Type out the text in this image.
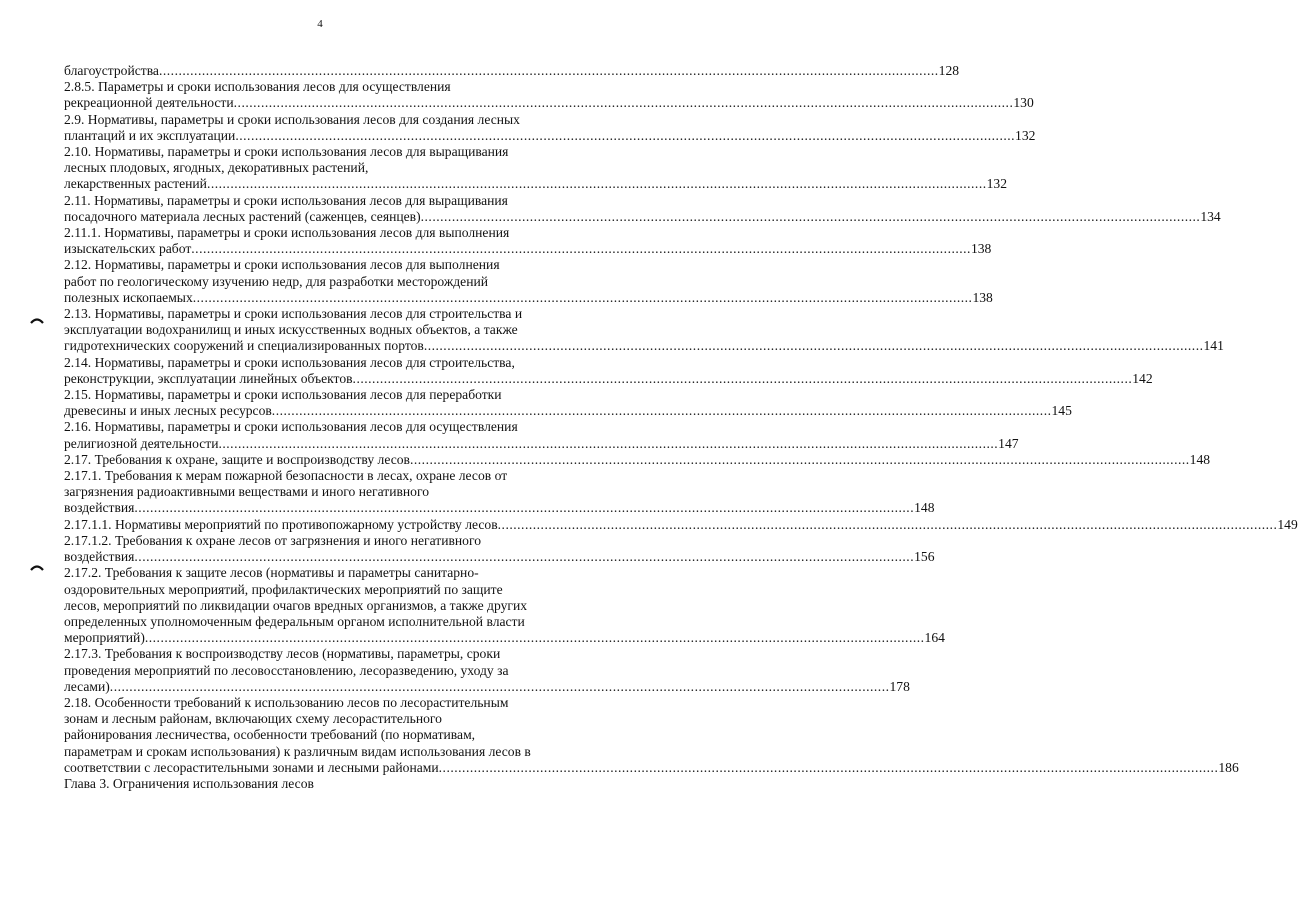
4
благоустройства ........................................................................................................................................................................................................ 128
2.8.5. Параметры и сроки использования лесов для осуществления
рекреационной деятельности ........................................................................................................................................................................................................ 130
2.9. Нормативы, параметры и сроки использования лесов для создания лесных
плантаций и их эксплуатации ........................................................................................................................................................................................................ 132
2.10. Нормативы, параметры и сроки использования лесов для выращивания
лесных плодовых, ягодных, декоративных растений,
лекарственных растений ........................................................................................................................................................................................................ 132
2.11. Нормативы, параметры и сроки использования лесов для выращивания
посадочного материала лесных растений (саженцев, сеянцев) ........................................................................................................................................................................................................ 134
2.11.1. Нормативы, параметры и сроки использования лесов для выполнения
изыскательских работ ........................................................................................................................................................................................................ 138
2.12. Нормативы, параметры и сроки использования лесов для выполнения
работ по геологическому изучению недр, для разработки месторождений
полезных ископаемых ........................................................................................................................................................................................................ 138
2.13. Нормативы, параметры и сроки использования лесов для строительства и
эксплуатации водохранилищ и иных искусственных водных объектов, а также
гидротехнических сооружений и специализированных портов ........................................................................................................................................................................................................ 141
2.14. Нормативы, параметры и сроки использования лесов для строительства,
реконструкции, эксплуатации линейных объектов ........................................................................................................................................................................................................ 142
2.15. Нормативы, параметры и сроки использования лесов для переработки
древесины и иных лесных ресурсов ........................................................................................................................................................................................................ 145
2.16. Нормативы, параметры и сроки использования лесов для осуществления
религиозной деятельности ........................................................................................................................................................................................................ 147
2.17. Требования к охране, защите и воспроизводству лесов ........................................................................................................................................................................................................ 148
2.17.1. Требования к мерам пожарной безопасности в лесах, охране лесов от
загрязнения радиоактивными веществами и иного негативного
воздействия ........................................................................................................................................................................................................ 148
2.17.1.1. Нормативы мероприятий по противопожарному устройству лесов ........................................................................................................................................................................................................ 149
2.17.1.2. Требования к охране лесов от загрязнения и иного негативного
воздействия ........................................................................................................................................................................................................ 156
2.17.2. Требования к защите лесов (нормативы и параметры санитарно-
оздоровительных мероприятий, профилактических мероприятий по защите
лесов, мероприятий по ликвидации очагов вредных организмов, а также других
определенных уполномоченным федеральным органом исполнительной власти
мероприятий) ........................................................................................................................................................................................................ 164
2.17.3. Требования к воспроизводству лесов (нормативы, параметры, сроки
проведения мероприятий по лесовосстановлению, лесоразведению, уходу за
лесами) ........................................................................................................................................................................................................ 178
2.18. Особенности требований к использованию лесов по лесорастительным
зонам и лесным районам, включающих схему лесорастительного
районирования лесничества, особенности требований (по нормативам,
параметрам и срокам использования) к различным видам использования лесов в
соответствии с лесорастительными зонами и лесными районами ........................................................................................................................................................................................................ 186
Глава 3. Ограничения использования лесов
